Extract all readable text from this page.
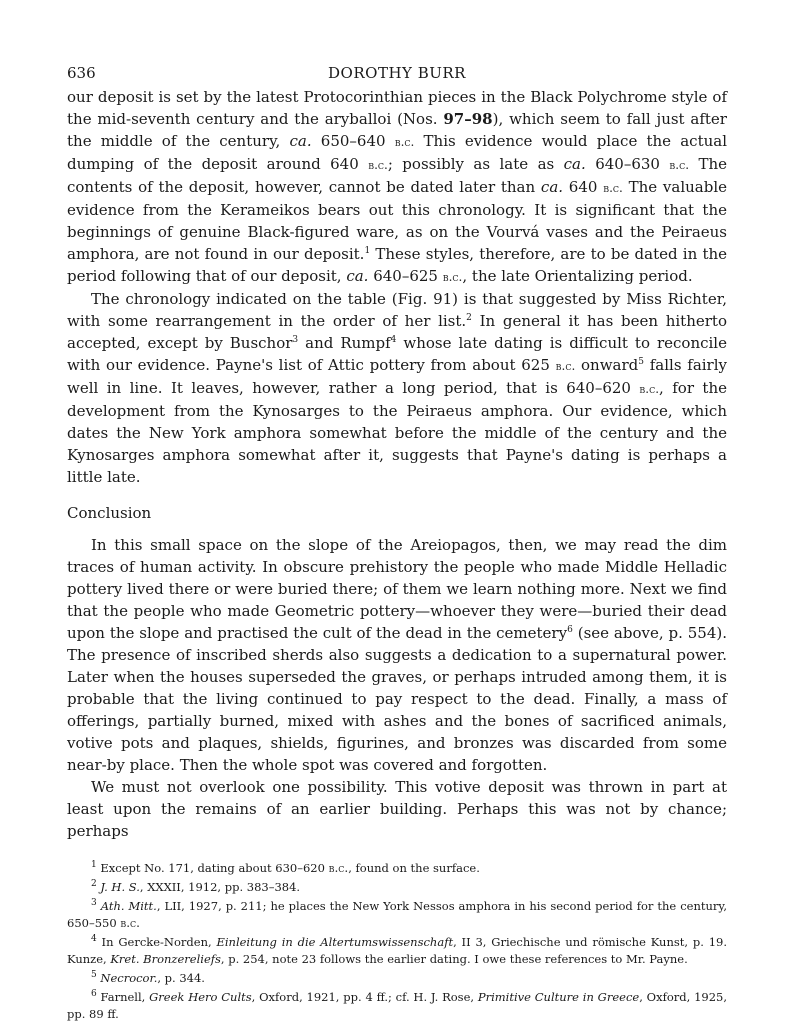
636	DOROTHY BURR

our deposit is set by the latest Protocorinthian pieces in the Black Polychrome style of the mid-seventh century and the aryballoi (Nos. 97–98), which seem to fall just after the middle of the century, ca. 650–640 b.c. This evidence would place the actual dumping of the deposit around 640 b.c.; possibly as late as ca. 640–630 b.c. The contents of the deposit, however, cannot be dated later than ca. 640 b.c. The valuable evidence from the Kerameikos bears out this chronology. It is significant that the beginnings of genuine Black-figured ware, as on the Vourvá vases and the Peiraeus amphora, are not found in our deposit.$^1$ These styles, therefore, are to be dated in the period following that of our deposit, ca. 640–625 b.c., the late Orientalizing period.

The chronology indicated on the table (Fig. 91) is that suggested by Miss Richter, with some rearrangement in the order of her list.$^2$ In general it has been hitherto accepted, except by Buschor$^3$ and Rumpf$^4$ whose late dating is difficult to reconcile with our evidence. Payne's list of Attic pottery from about 625 b.c. onward$^5$ falls fairly well in line. It leaves, however, rather a long period, that is 640–620 b.c., for the development from the Kynosarges to the Peiraeus amphora. Our evidence, which dates the New York amphora somewhat before the middle of the century and the Kynosarges amphora somewhat after it, suggests that Payne's dating is perhaps a little late.

Conclusion

In this small space on the slope of the Areiopagos, then, we may read the dim traces of human activity. In obscure prehistory the people who made Middle Helladic pottery lived there or were buried there; of them we learn nothing more. Next we find that the people who made Geometric pottery—whoever they were—buried their dead upon the slope and practised the cult of the dead in the cemetery$^6$ (see above, p. 554). The presence of inscribed sherds also suggests a dedication to a supernatural power. Later when the houses superseded the graves, or perhaps intruded among them, it is probable that the living continued to pay respect to the dead. Finally, a mass of offerings, partially burned, mixed with ashes and the bones of sacrificed animals, votive pots and plaques, shields, figurines, and bronzes was discarded from some near-by place. Then the whole spot was covered and forgotten.

We must not overlook one possibility. This votive deposit was thrown in part at least upon the remains of an earlier building. Perhaps this was not by chance; perhaps

$^1$ Except No. 171, dating about 630–620 b.c., found on the surface.
$^2$ J. H. S., XXXII, 1912, pp. 383–384.
$^3$ Ath. Mitt., LII, 1927, p. 211; he places the New York Nessos amphora in his second period for the century, 650–550 b.c.
$^4$ In Gercke-Norden, Einleitung in die Altertumswissenschaft, II 3, Griechische und römische Kunst, p. 19. Kunze, Kret. Bronzereliefs, p. 254, note 23 follows the earlier dating. I owe these references to Mr. Payne.
$^5$ Necrocor., p. 344.
$^6$ Farnell, Greek Hero Cults, Oxford, 1921, pp. 4 ff.; cf. H. J. Rose, Primitive Culture in Greece, Oxford, 1925, pp. 89 ff.
